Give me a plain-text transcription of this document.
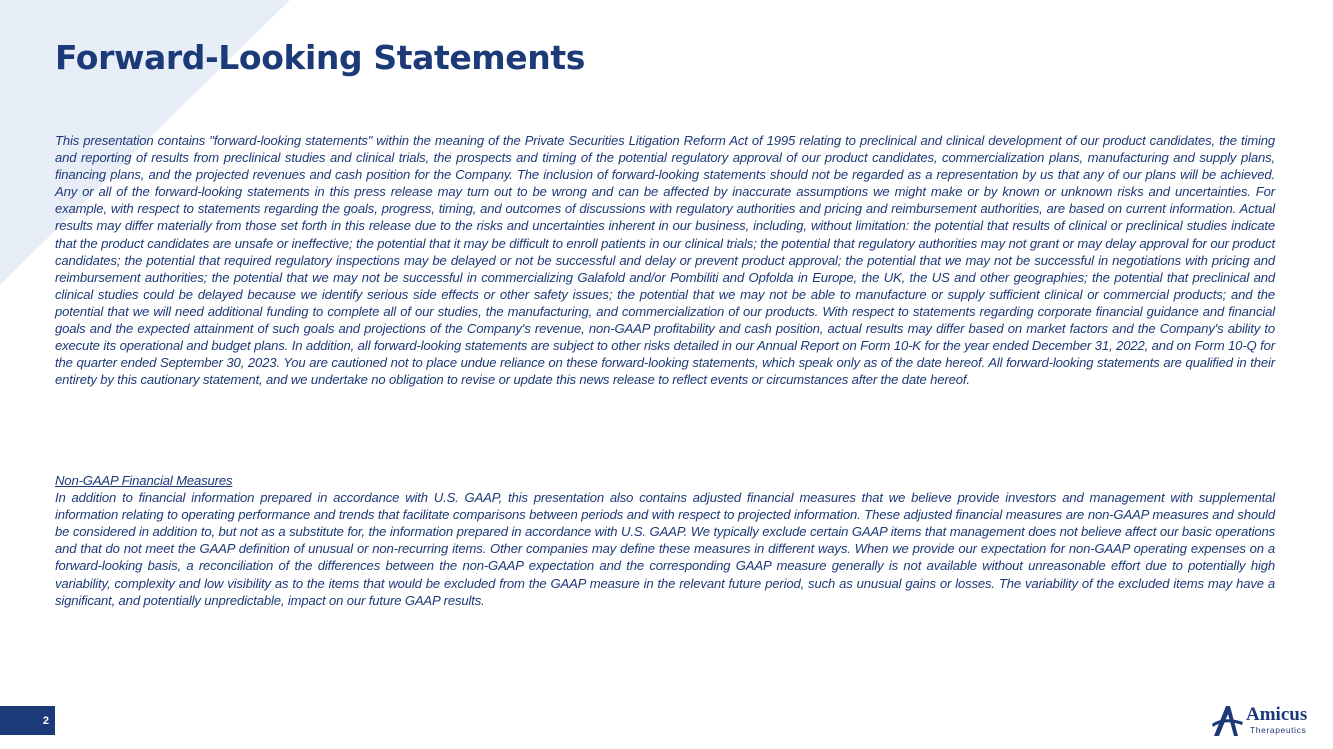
Forward-Looking Statements
This presentation contains "forward-looking statements" within the meaning of the Private Securities Litigation Reform Act of 1995 relating to preclinical and clinical development of our product candidates, the timing and reporting of results from preclinical studies and clinical trials, the prospects and timing of the potential regulatory approval of our product candidates, commercialization plans, manufacturing and supply plans, financing plans, and the projected revenues and cash position for the Company. The inclusion of forward-looking statements should not be regarded as a representation by us that any of our plans will be achieved. Any or all of the forward-looking statements in this press release may turn out to be wrong and can be affected by inaccurate assumptions we might make or by known or unknown risks and uncertainties. For example, with respect to statements regarding the goals, progress, timing, and outcomes of discussions with regulatory authorities and pricing and reimbursement authorities, are based on current information. Actual results may differ materially from those set forth in this release due to the risks and uncertainties inherent in our business, including, without limitation: the potential that results of clinical or preclinical studies indicate that the product candidates are unsafe or ineffective; the potential that it may be difficult to enroll patients in our clinical trials; the potential that regulatory authorities may not grant or may delay approval for our product candidates; the potential that required regulatory inspections may be delayed or not be successful and delay or prevent product approval; the potential that we may not be successful in negotiations with pricing and reimbursement authorities; the potential that we may not be successful in commercializing Galafold and/or Pombiliti and Opfolda in Europe, the UK, the US and other geographies; the potential that preclinical and clinical studies could be delayed because we identify serious side effects or other safety issues; the potential that we may not be able to manufacture or supply sufficient clinical or commercial products; and the potential that we will need additional funding to complete all of our studies, the manufacturing, and commercialization of our products. With respect to statements regarding corporate financial guidance and financial goals and the expected attainment of such goals and projections of the Company's revenue, non-GAAP profitability and cash position, actual results may differ based on market factors and the Company's ability to execute its operational and budget plans. In addition, all forward-looking statements are subject to other risks detailed in our Annual Report on Form 10-K for the year ended December 31, 2022, and on Form 10-Q for the quarter ended September 30, 2023. You are cautioned not to place undue reliance on these forward-looking statements, which speak only as of the date hereof. All forward-looking statements are qualified in their entirety by this cautionary statement, and we undertake no obligation to revise or update this news release to reflect events or circumstances after the date hereof.
Non-GAAP Financial Measures
In addition to financial information prepared in accordance with U.S. GAAP, this presentation also contains adjusted financial measures that we believe provide investors and management with supplemental information relating to operating performance and trends that facilitate comparisons between periods and with respect to projected information. These adjusted financial measures are non-GAAP measures and should be considered in addition to, but not as a substitute for, the information prepared in accordance with U.S. GAAP. We typically exclude certain GAAP items that management does not believe affect our basic operations and that do not meet the GAAP definition of unusual or non-recurring items. Other companies may define these measures in different ways. When we provide our expectation for non-GAAP operating expenses on a forward-looking basis, a reconciliation of the differences between the non-GAAP expectation and the corresponding GAAP measure generally is not available without unreasonable effort due to potentially high variability, complexity and low visibility as to the items that would be excluded from the GAAP measure in the relevant future period, such as unusual gains or losses. The variability of the excluded items may have a significant, and potentially unpredictable, impact on our future GAAP results.
2	Amicus
Therapeutics
